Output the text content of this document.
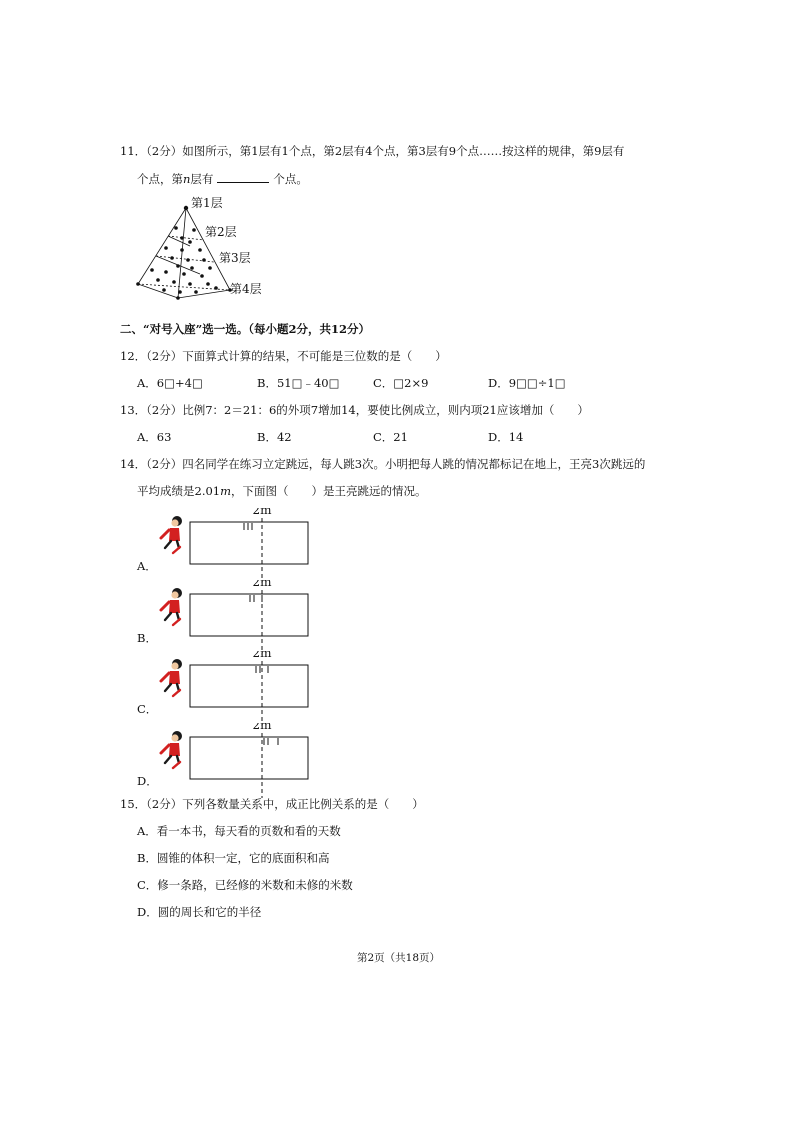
11．（2分）如图所示，第1层有1个点，第2层有4个点，第3层有9个点……按这样的规律，第9层有
个点，第n层有	个点。
第1层
第2层
第3层
第4层
二、“对号入座”选一选。（每小题2分，共12分）
12．（2分）下面算式计算的结果，不可能是三位数的是（　　）
A．6□+4□	B．51□﹣40□	C．□2×9	D．9□□÷1□
13．（2分）比例7：2＝21：6的外项7增加14，要使比例成立，则内项21应该增加（　　）
A．63	B．42	C．21	D．14
14．（2分）四名同学在练习立定跳远，每人跳3次。小明把每人跳的情况都标记在地上，王亮3次跳远的
平均成绩是2.01m，下面图（　　）是王亮跳远的情况。
2m
A．
2m
B．
2m
C．
2m
D．
15．（2分）下列各数量关系中，成正比例关系的是（　　）
A．看一本书，每天看的页数和看的天数
B．圆锥的体积一定，它的底面积和高
C．修一条路，已经修的米数和未修的米数
D．圆的周长和它的半径
第2页（共18页）
